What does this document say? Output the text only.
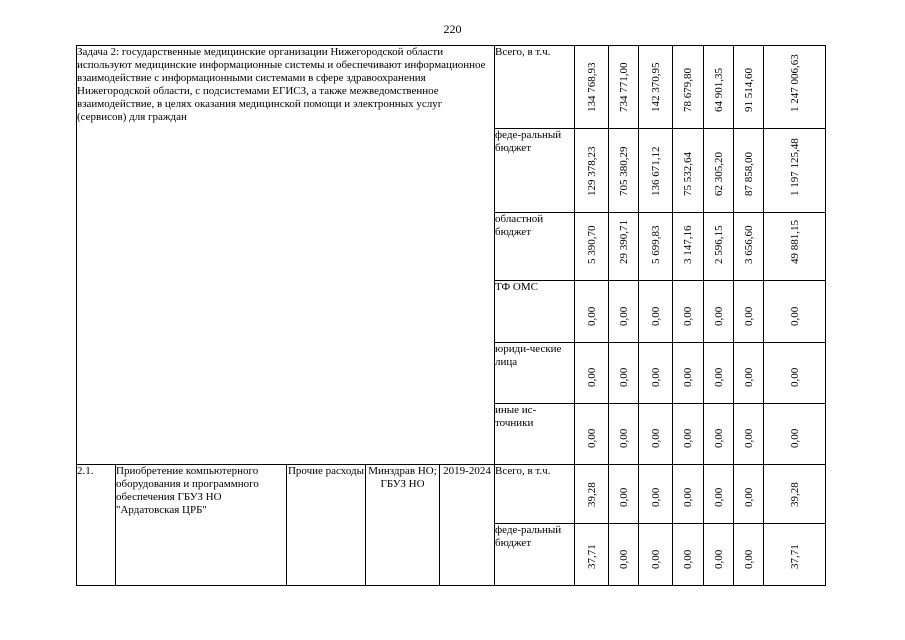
220
Задача 2: государственные медицинские организации Нижегородской области используют медицинские информационные системы и обеспечивают информационное взаимодействие с информационными системами в сфере здравоохранения Нижегородской области, с подсистемами ЕГИСЗ, а также межведомственное взаимодействие, в целях оказания медицинской помощи и электронных услуг (сервисов) для граждан					Всего, в т.ч.	134 768,93	734 771,00	142 370,95	78 679,80	64 901,35	91 514,60	1 247 006,63

					феде-ральный бюджет	129 378,23	705 380,29	136 671,12	75 532,64	62 305,20	87 858,00	1 197 125,48

					областной бюджет	5 390,70	29 390,71	5 699,83	3 147,16	2 596,15	3 656,60	49 881,15

					ТФ ОМС	0,00	0,00	0,00	0,00	0,00	0,00	0,00

					юриди-ческие лица	0,00	0,00	0,00	0,00	0,00	0,00	0,00

					иные ис-точники	0,00	0,00	0,00	0,00	0,00	0,00	0,00

2.1.	Приобретение компьютерного оборудования и программного обеспечения ГБУЗ НО "Ардатовская ЦРБ"	Прочие расходы	Минздрав НО; ГБУЗ НО	2019-2024	Всего, в т.ч.	39,28	0,00	0,00	0,00	0,00	0,00	39,28

					феде-ральный бюджет	37,71	0,00	0,00	0,00	0,00	0,00	37,71
